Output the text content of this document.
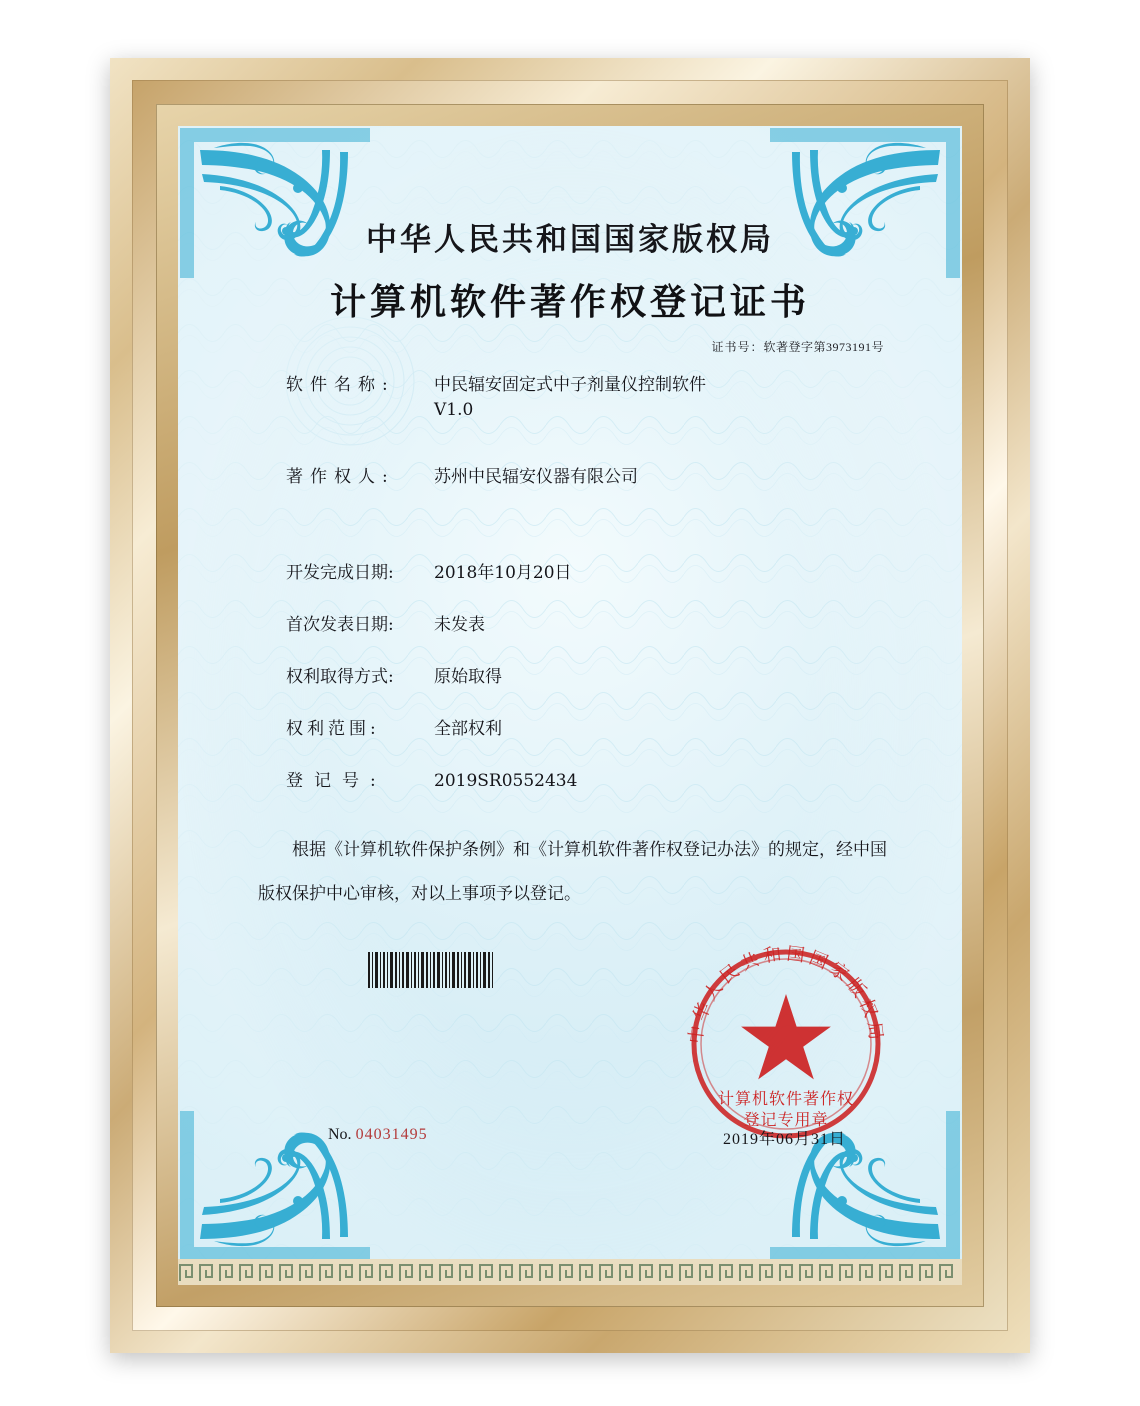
中华人民共和国国家版权局
计算机软件著作权登记证书
证书号：软著登字第3973191号
软件名称: 中民辐安固定式中子剂量仪控制软件
V1.0
著作权人: 苏州中民辐安仪器有限公司
开发完成日期: 2018年10月20日
首次发表日期: 未发表
权利取得方式: 原始取得
权利范围:	全部权利
登记号:	2019SR0552434
根据《计算机软件保护条例》和《计算机软件著作权登记办法》的规定，经中国版权保护中心审核，对以上事项予以登记。
中华人民共和国国家版权局
计算机软件著作权
登记专用章
No. 04031495	2019年06月31日
